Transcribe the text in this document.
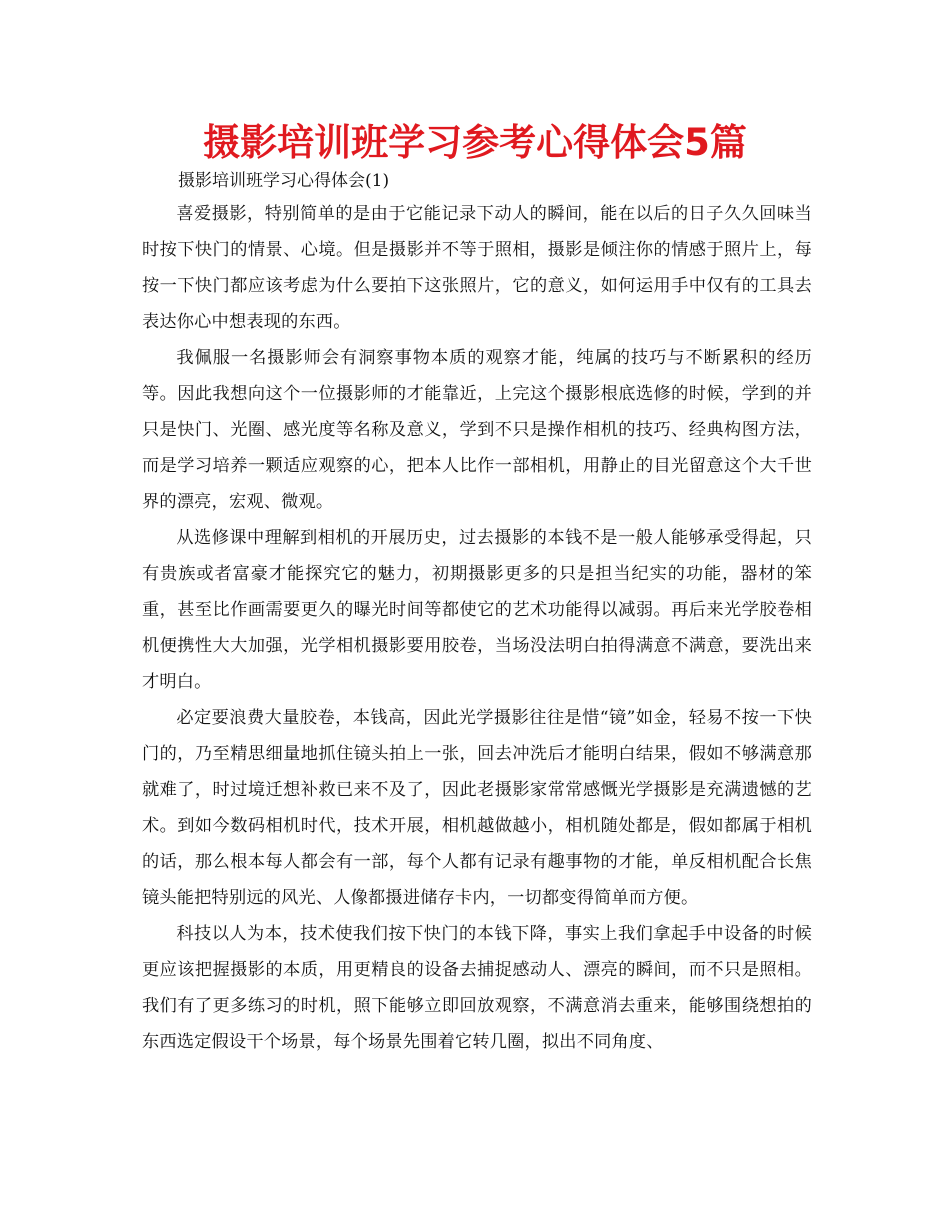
摄影培训班学习参考心得体会5篇

摄影培训班学习心得体会(1)

喜爱摄影，特别简单的是由于它能记录下动人的瞬间，能在以后的日子久久回味当时按下快门的情景、心境。但是摄影并不等于照相，摄影是倾注你的情感于照片上，每按一下快门都应该考虑为什么要拍下这张照片，它的意义，如何运用手中仅有的工具去表达你心中想表现的东西。

我佩服一名摄影师会有洞察事物本质的观察才能，纯属的技巧与不断累积的经历等。因此我想向这个一位摄影师的才能靠近，上完这个摄影根底选修的时候，学到的并只是快门、光圈、感光度等名称及意义，学到不只是操作相机的技巧、经典构图方法，而是学习培养一颗适应观察的心，把本人比作一部相机，用静止的目光留意这个大千世界的漂亮，宏观、微观。

从选修课中理解到相机的开展历史，过去摄影的本钱不是一般人能够承受得起，只有贵族或者富豪才能探究它的魅力，初期摄影更多的只是担当纪实的功能，器材的笨重，甚至比作画需要更久的曝光时间等都使它的艺术功能得以减弱。再后来光学胶卷相机便携性大大加强，光学相机摄影要用胶卷，当场没法明白拍得满意不满意，要洗出来才明白。

必定要浪费大量胶卷，本钱高，因此光学摄影往往是惜“镜”如金，轻易不按一下快门的，乃至精思细量地抓住镜头拍上一张，回去冲洗后才能明白结果，假如不够满意那就难了，时过境迁想补救已来不及了，因此老摄影家常常感慨光学摄影是充满遗憾的艺术。到如今数码相机时代，技术开展，相机越做越小，相机随处都是，假如都属于相机的话，那么根本每人都会有一部，每个人都有记录有趣事物的才能，单反相机配合长焦镜头能把特别远的风光、人像都摄进储存卡内，一切都变得简单而方便。

科技以人为本，技术使我们按下快门的本钱下降，事实上我们拿起手中设备的时候更应该把握摄影的本质，用更精良的设备去捕捉感动人、漂亮的瞬间，而不只是照相。我们有了更多练习的时机，照下能够立即回放观察，不满意消去重来，能够围绕想拍的东西选定假设干个场景，每个场景先围着它转几圈，拟出不同角度、
